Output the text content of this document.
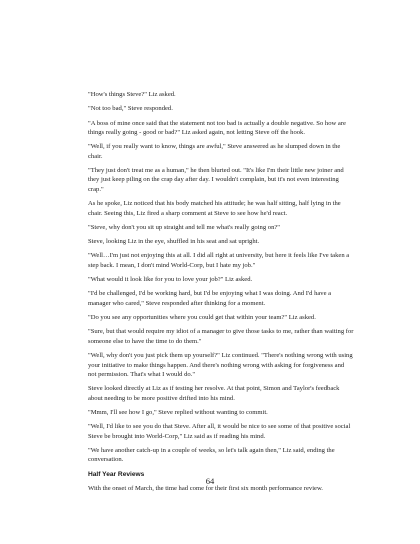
"How's things Steve?" Liz asked.

"Not too bad," Steve responded.

"A boss of mine once said that the statement not too bad is actually a double negative. So how are things really going - good or bad?" Liz asked again, not letting Steve off the hook.

"Well, if you really want to know, things are awful," Steve answered as he slumped down in the chair.

"They just don't treat me as a human," he then blurted out. "It's like I'm their little new joiner and they just keep piling on the crap day after day. I wouldn't complain, but it's not even interesting crap."

As he spoke, Liz noticed that his body matched his attitude; he was half sitting, half lying in the chair. Seeing this, Liz fired a sharp comment at Steve to see how he'd react.

"Steve, why don't you sit up straight and tell me what's really going on?"

Steve, looking Liz in the eye, shuffled in his seat and sat upright.

"Well…I'm just not enjoying this at all. I did all right at university, but here it feels like I've taken a step back. I mean, I don't mind World-Corp, but I hate my job."

"What would it look like for you to love your job?" Liz asked.

"I'd be challenged, I'd be working hard, but I'd be enjoying what I was doing. And I'd have a manager who cared," Steve responded after thinking for a moment.

"Do you see any opportunities where you could get that within your team?" Liz asked.

"Sure, but that would require my idiot of a manager to give those tasks to me, rather than waiting for someone else to have the time to do them."

"Well, why don't you just pick them up yourself?" Liz continued. "There's nothing wrong with using your initiative to make things happen. And there's nothing wrong with asking for forgiveness and not permission. That's what I would do."

Steve looked directly at Liz as if testing her resolve. At that point, Simon and Taylor's feedback about needing to be more positive drifted into his mind.

"Mmm, I'll see how I go," Steve replied without wanting to commit.

"Well, I'd like to see you do that Steve. After all, it would be nice to see some of that positive social Steve be brought into World-Corp," Liz said as if reading his mind.

"We have another catch-up in a couple of weeks, so let's talk again then," Liz said, ending the conversation.

Half Year Reviews

With the onset of March, the time had come for their first six month performance review.

64
